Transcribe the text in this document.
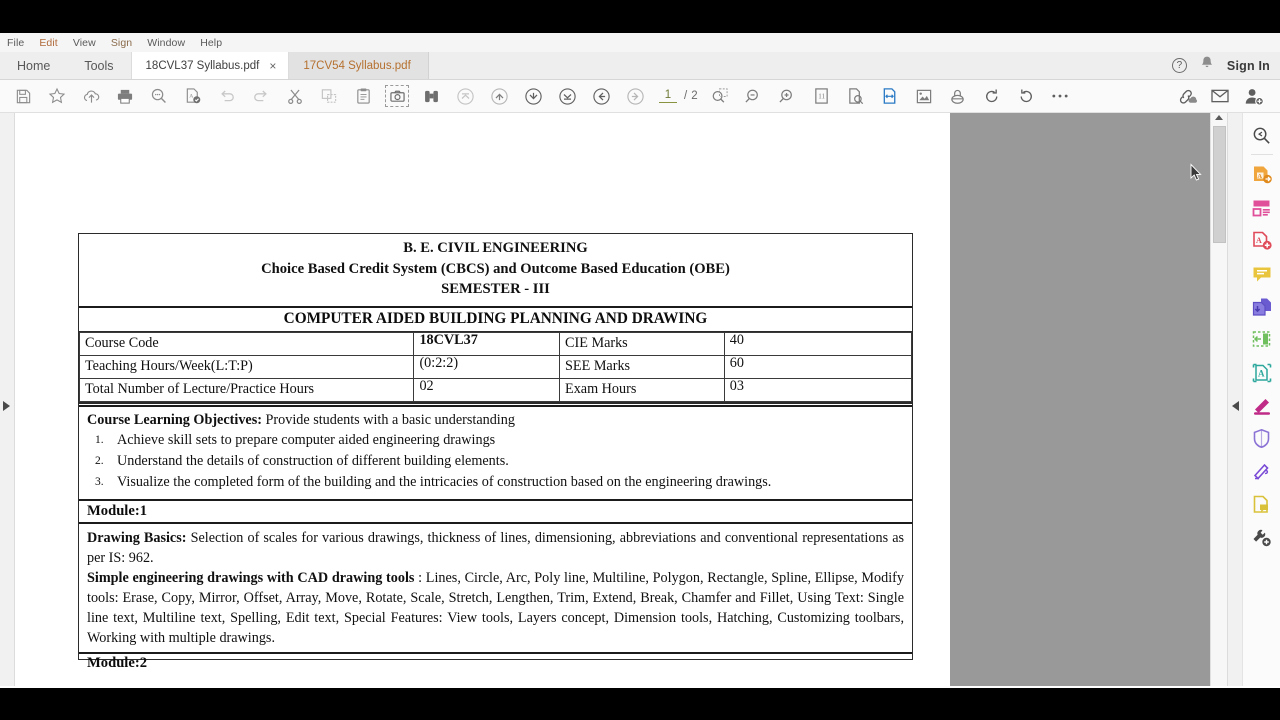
File Edit View Sign Window Help
Home	Tools	18CVL37 Syllabus.pdf × 17CV54 Syllabus.pdf	?	Sign In
A	1	/ 2	11
B. E. CIVIL ENGINEERING
Choice Based Credit System (CBCS) and Outcome Based Education (OBE)
SEMESTER - III
COMPUTER AIDED BUILDING PLANNING AND DRAWING
Course Code	18CVL37	CIE Marks	40
Teaching Hours/Week(L:T:P)	(0:2:2)	SEE Marks	60
Total Number of Lecture/Practice Hours	02	Exam Hours	03
Course Learning Objectives: Provide students with a basic understanding
Achieve skill sets to prepare computer aided engineering drawings
Understand the details of construction of different building elements.
Visualize the completed form of the building and the intricacies of construction based on the engineering drawings.
Module:1

Drawing Basics: Selection of scales for various drawings, thickness of lines, dimensioning, abbreviations and conventional representations as per IS: 962.

Simple engineering drawings with CAD drawing tools : Lines, Circle, Arc, Poly line, Multiline, Polygon, Rectangle, Spline, Ellipse, Modify tools: Erase, Copy, Mirror, Offset, Array, Move, Rotate, Scale, Stretch, Lengthen, Trim, Extend, Break, Chamfer and Fillet, Using Text: Single line text, Multiline text, Spelling, Edit text, Special Features: View tools, Layers concept, Dimension tools, Hatching, Customizing toolbars, Working with multiple drawings.

Module:2
A
A
A
